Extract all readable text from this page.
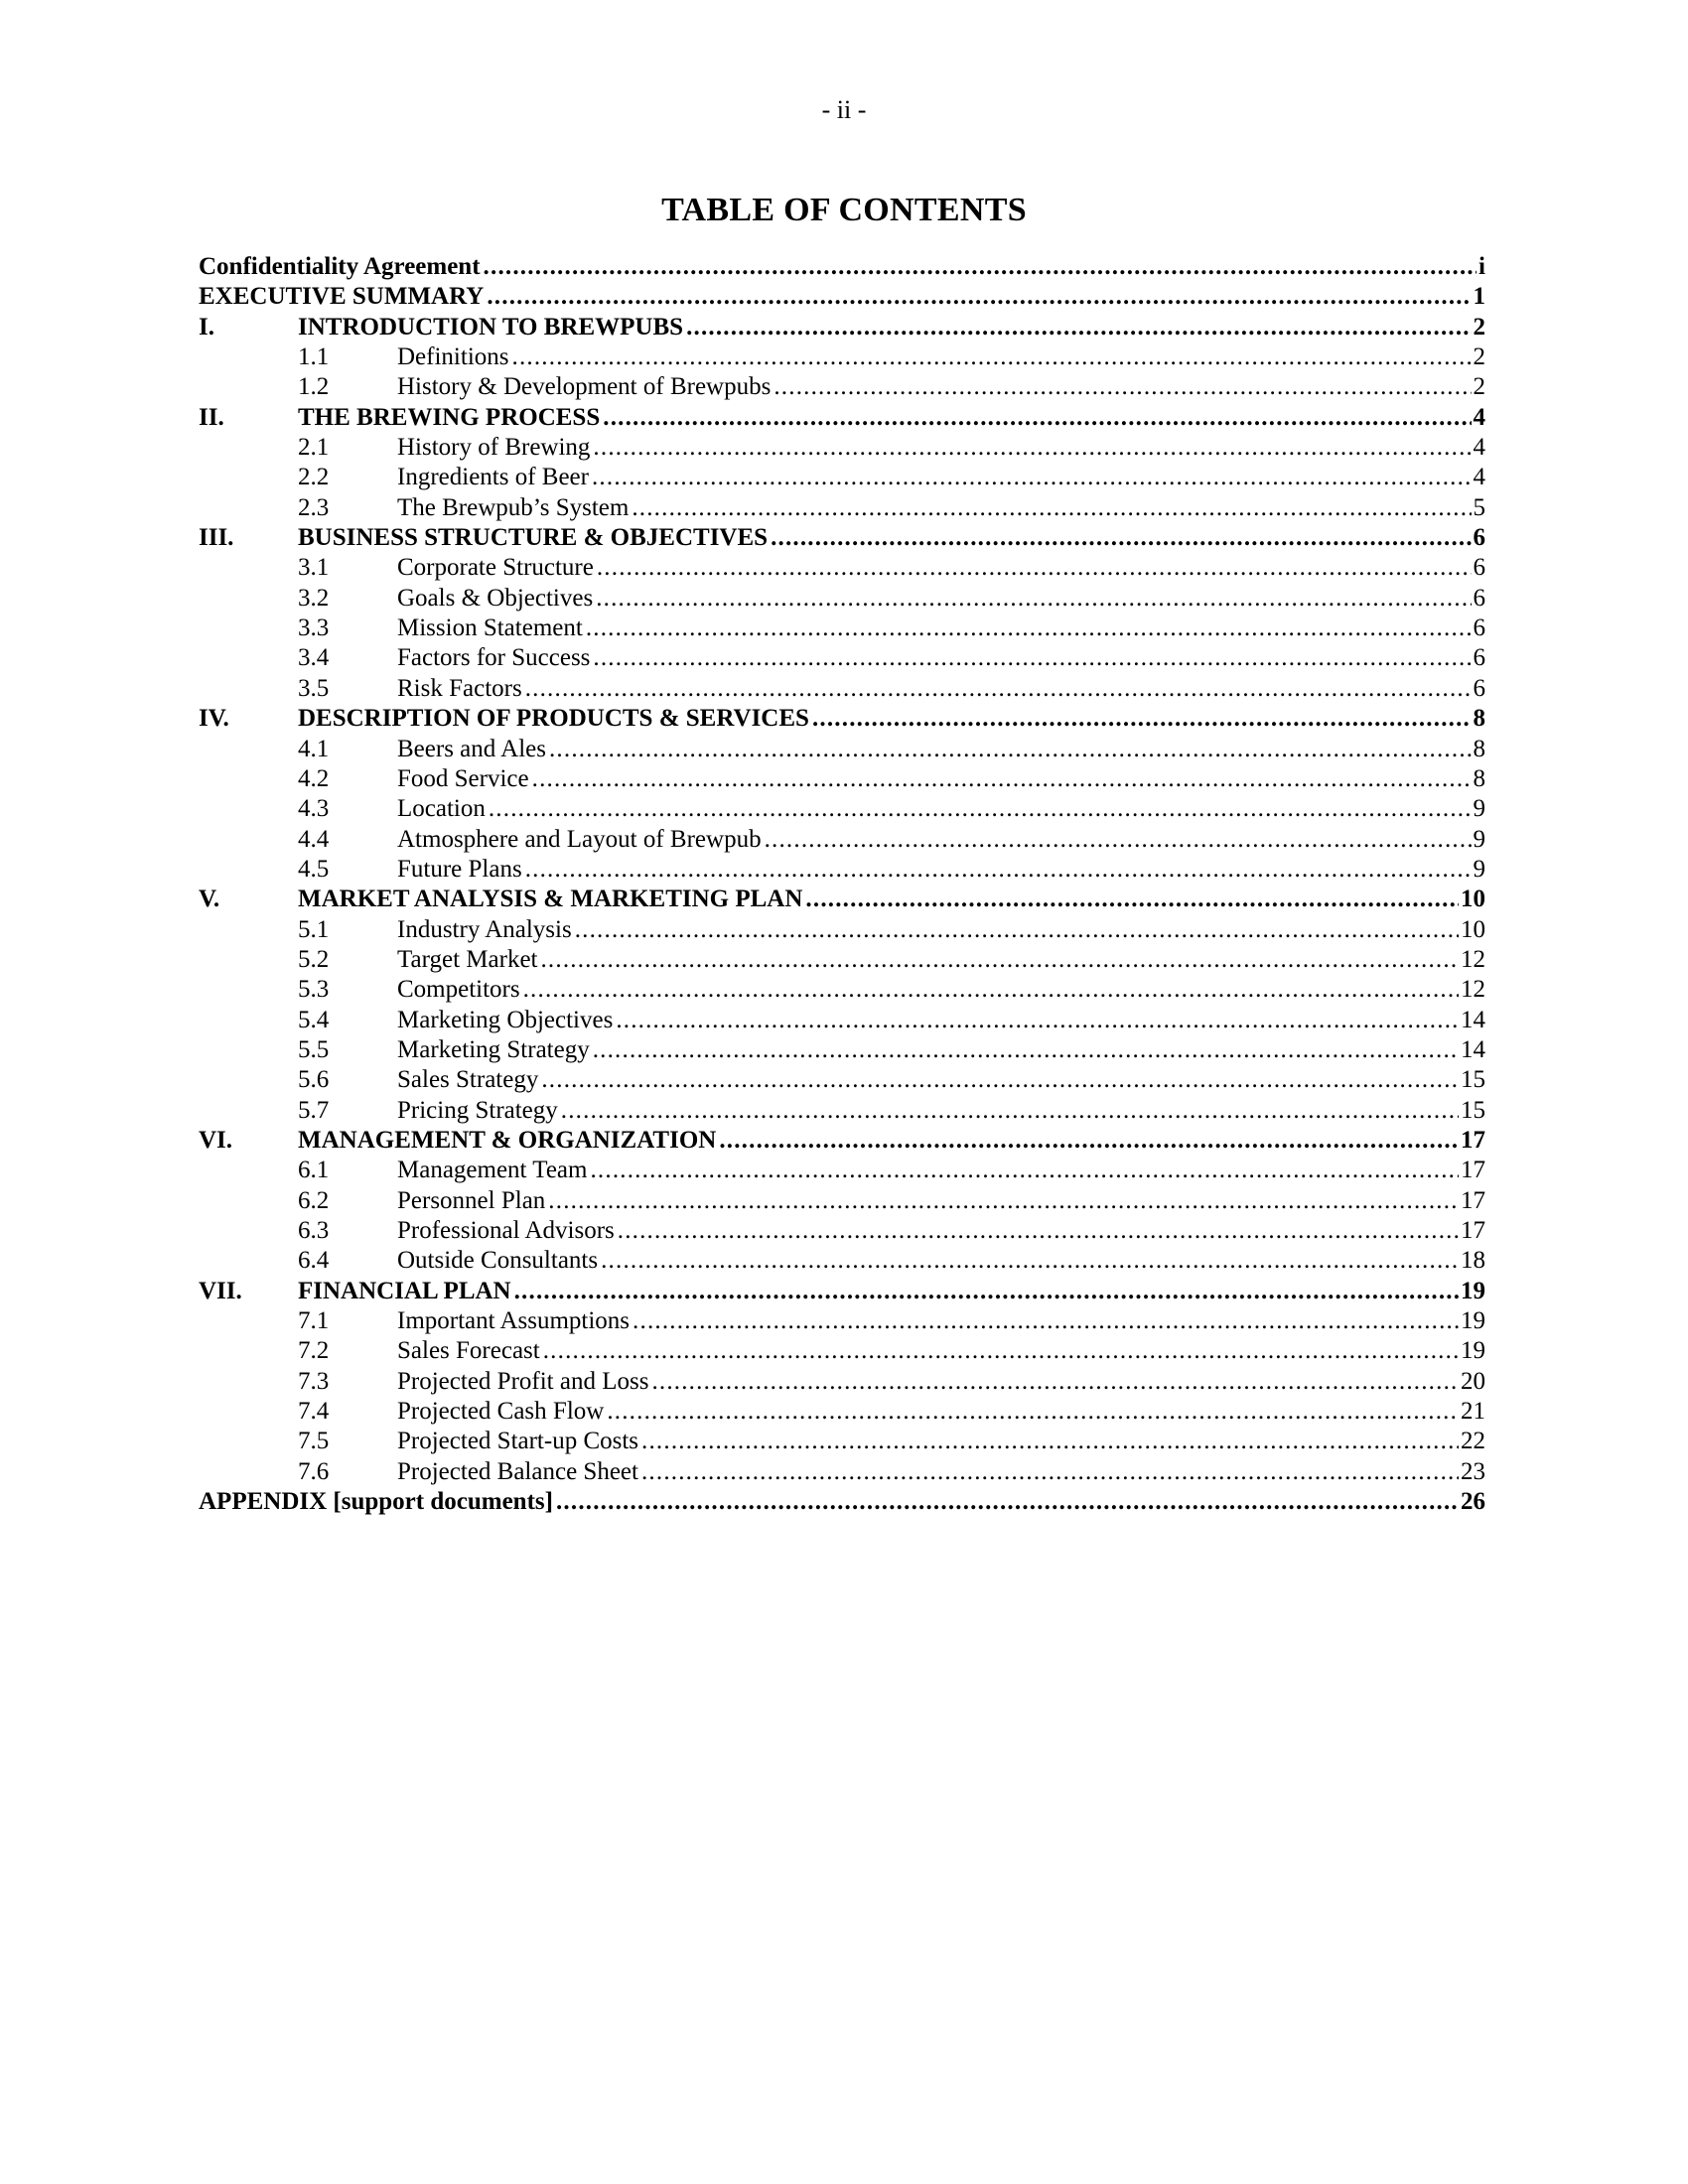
- ii -
TABLE OF CONTENTS
Confidentiality Agreement .....	i
EXECUTIVE SUMMARY .....	1
I.	INTRODUCTION TO BREWPUBS .....	2
1.1	Definitions .....	2
1.2	History & Development of Brewpubs .....	2
II.	THE BREWING PROCESS .....	4
2.1	History of Brewing .....	4
2.2	Ingredients of Beer .....	4
2.3	The Brewpub’s System .....	5
III.	BUSINESS STRUCTURE & OBJECTIVES .....	6
3.1	Corporate Structure .....	6
3.2	Goals & Objectives .....	6
3.3	Mission Statement .....	6
3.4	Factors for Success .....	6
3.5	Risk Factors .....	6
IV.	DESCRIPTION OF PRODUCTS & SERVICES .....	8
4.1	Beers and Ales .....	8
4.2	Food Service .....	8
4.3	Location .....	9
4.4	Atmosphere and Layout of Brewpub .....	9
4.5	Future Plans .....	9
V.	MARKET ANALYSIS & MARKETING PLAN .....	10
5.1	Industry Analysis .....	10
5.2	Target Market .....	12
5.3	Competitors .....	12
5.4	Marketing Objectives .....	14
5.5	Marketing Strategy .....	14
5.6	Sales Strategy .....	15
5.7	Pricing Strategy .....	15
VI.	MANAGEMENT & ORGANIZATION .....	17
6.1	Management Team .....	17
6.2	Personnel Plan .....	17
6.3	Professional Advisors .....	17
6.4	Outside Consultants .....	18
VII. FINANCIAL PLAN .....	19
7.1	Important Assumptions .....	19
7.2	Sales Forecast .....	19
7.3	Projected Profit and Loss .....	20
7.4	Projected Cash Flow .....	21
7.5	Projected Start-up Costs .....	22
7.6	Projected Balance Sheet .....	23
APPENDIX [support documents] .....	26
